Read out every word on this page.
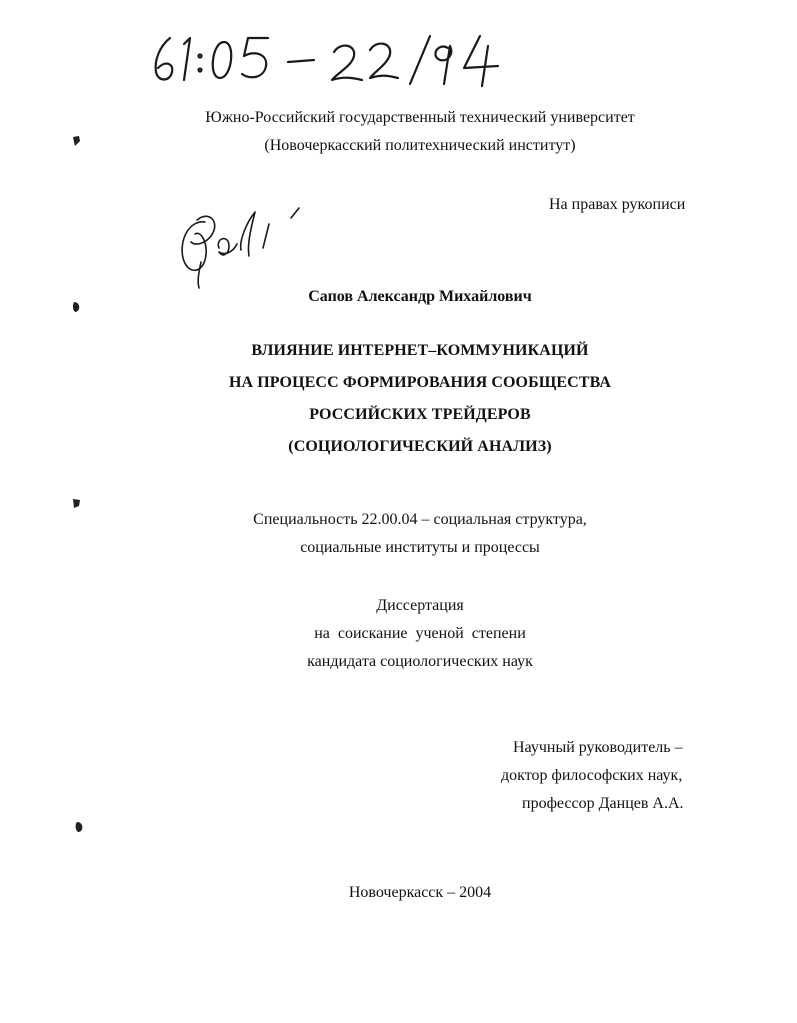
Южно-Российский государственный технический университет
(Новочеркасский политехнический институт)
На правах рукописи
Сапов Александр Михайлович
ВЛИЯНИЕ ИНТЕРНЕТ–КОММУНИКАЦИЙ
НА ПРОЦЕСС ФОРМИРОВАНИЯ СООБЩЕСТВА
РОССИЙСКИХ ТРЕЙДЕРОВ
(СОЦИОЛОГИЧЕСКИЙ АНАЛИЗ)
Специальность 22.00.04 – социальная структура,
социальные институты и процессы
Диссертация
на  соискание  ученой  степени
кандидата социологических наук
Научный руководитель –
доктор философских наук,
профессор Данцев А.А.
Новочеркасск – 2004
